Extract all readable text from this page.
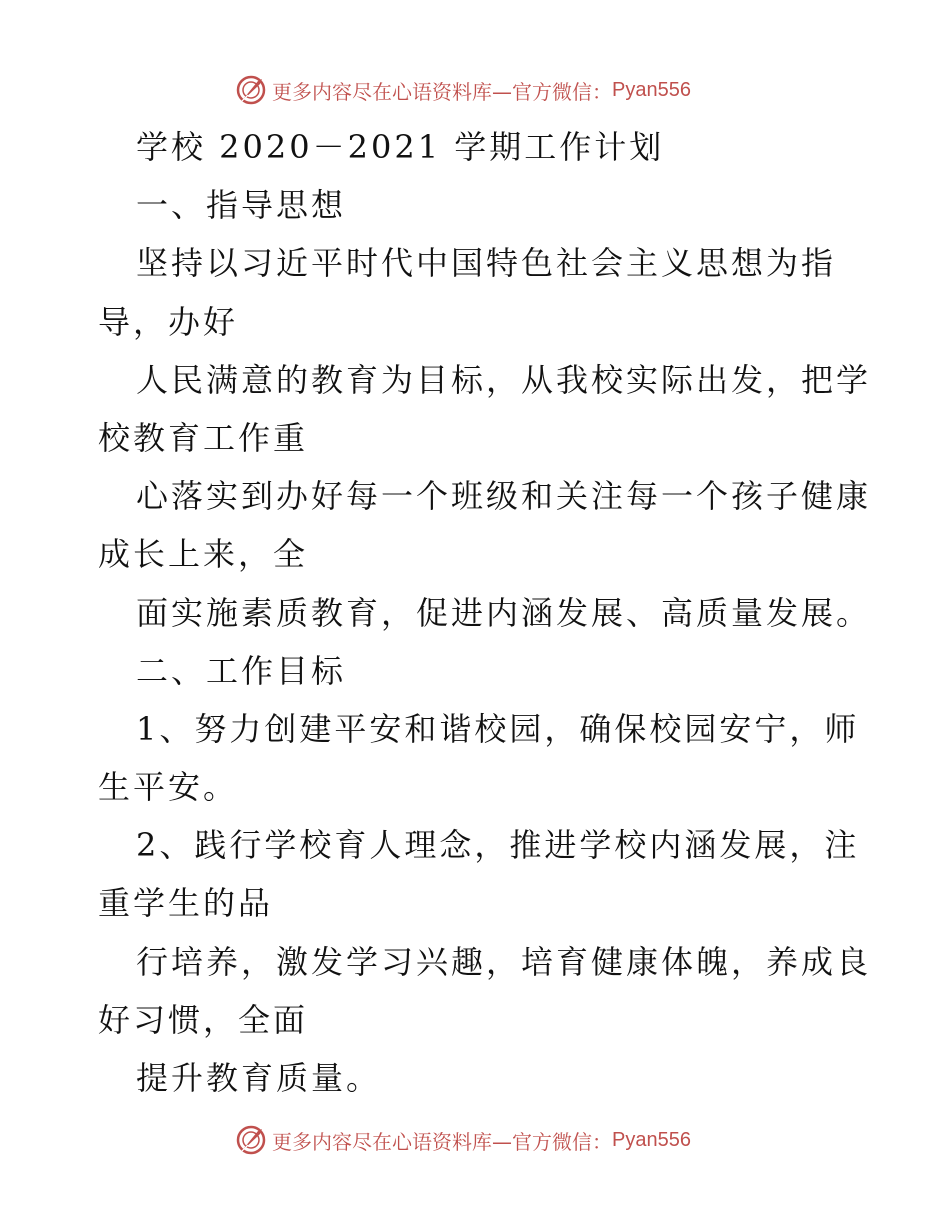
更多内容尽在心语资料库—官方微信： Pyan556
学校 2020－2021 学期工作计划
一、指导思想
坚持以习近平时代中国特色社会主义思想为指
导，办好
人民满意的教育为目标，从我校实际出发，把学
校教育工作重
心落实到办好每一个班级和关注每一个孩子健康
成长上来，全
面实施素质教育，促进内涵发展、高质量发展。
二、工作目标
1、努力创建平安和谐校园，确保校园安宁，师
生平安。
2、践行学校育人理念，推进学校内涵发展，注
重学生的品
行培养，激发学习兴趣，培育健康体魄，养成良
好习惯，全面
提升教育质量。
更多内容尽在心语资料库—官方微信： Pyan556
